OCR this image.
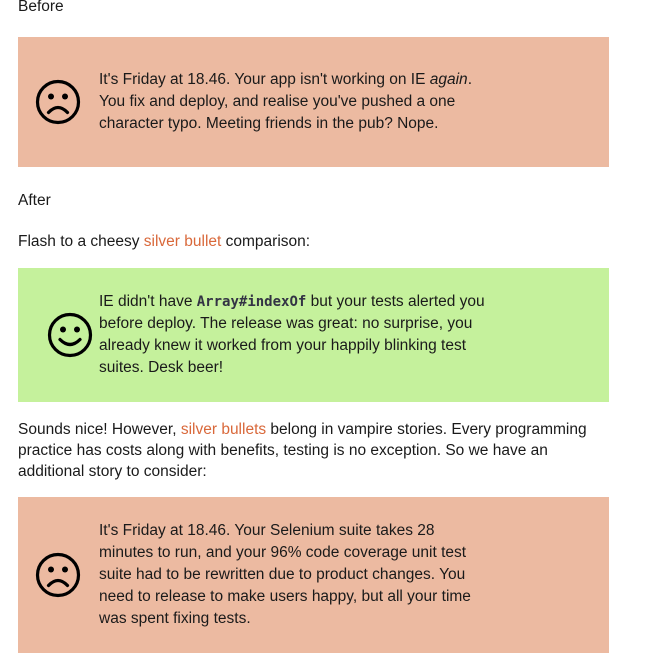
Before

It's Friday at 18.46. Your app isn't working on IE again. You fix and deploy, and realise you've pushed a one character typo. Meeting friends in the pub? Nope.

After

Flash to a cheesy silver bullet comparison:

IE didn't have Array#indexOf but your tests alerted you before deploy. The release was great: no surprise, you already knew it worked from your happily blinking test suites. Desk beer!

Sounds nice! However, silver bullets belong in vampire stories. Every programming practice has costs along with benefits, testing is no exception. So we have an additional story to consider:

It's Friday at 18.46. Your Selenium suite takes 28 minutes to run, and your 96% code coverage unit test suite had to be rewritten due to product changes. You need to release to make users happy, but all your time was spent fixing tests.
